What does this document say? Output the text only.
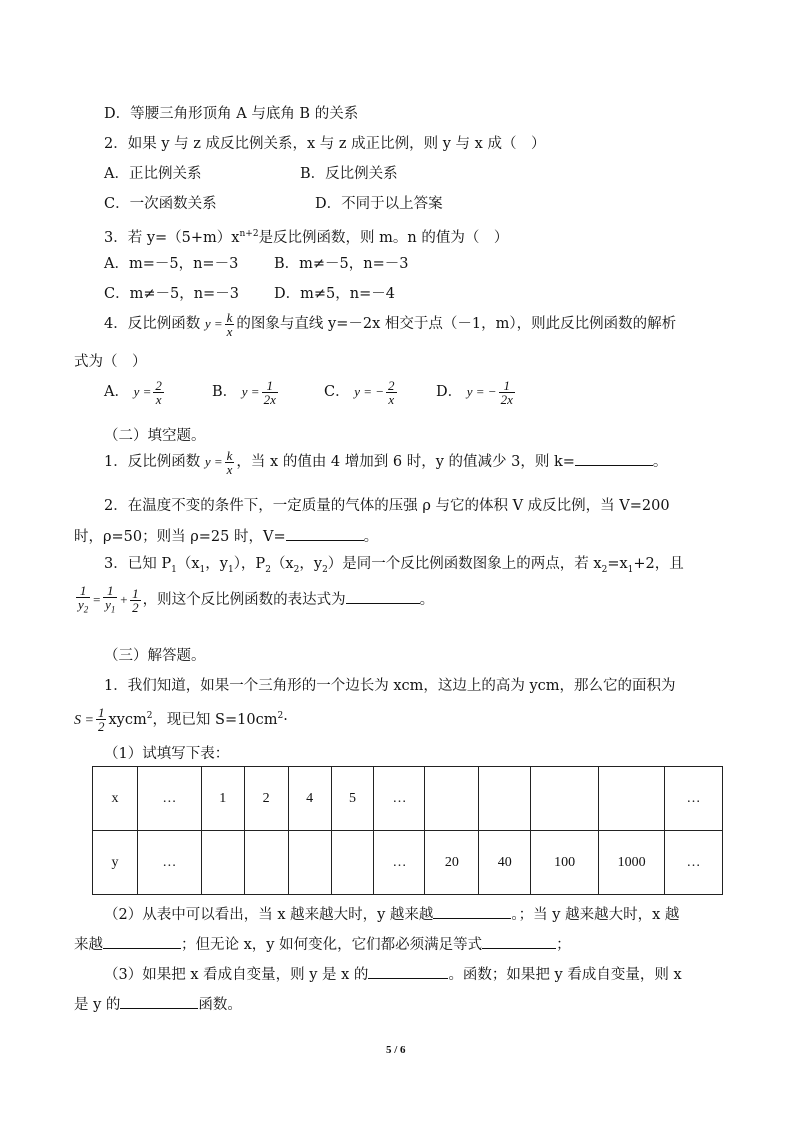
D．等腰三角形顶角 A 与底角 B 的关系
2．如果 y 与 z 成反比例关系，x 与 z 成正比例，则 y 与 x 成（　）
A．正比例关系	B．反比例关系
C．一次函数关系	D．不同于以上答案
3．若 $y=(5+m)x^{n+2}$是反比例函数，则 m。n 的值为（　）
A．m=－5，n=－3 B．m≠－5，n=－3
C．m≠－5，n=－3 D．m≠5，n=－4
4．反比例函数 $y = \frac{k}{x}$ 的图象与直线 y=－2x 相交于点（－1，m），则此反比例函数的解析
式为（　）
A． $y = \frac{2}{x}$	B． $y = \frac{1}{2x}$	C． y = − $\frac{2}{x}$	D． y = − $\frac{1}{2x}$
（二）填空题。
1．反比例函数 $y = \frac{k}{x}$ ，当 x 的值由 4 增加到 6 时，y 的值减少 3，则 k=	。
2．在温度不变的条件下，一定质量的气体的压强 ρ 与它的体积 V 成反比例，当 V=200
时，ρ=50；则当 ρ=25 时，V=	。
3．已知 $P_1(x_1$，$y_1$），$P_2(x_2$，$y_2$）是同一个反比例函数图象上的两点，若 $x_2=x_1+2$，且
$\frac{1}{y_2} = \frac{1}{y_1} + \frac{1}{2}$ ，则这个反比例函数的表达式为	。
（三）解答题。
1．我们知道，如果一个三角形的一个边长为 xcm，这边上的高为 ycm，那么它的面积为
$S = \frac{1}{2}$ xycm$^2$，现已知 $S=10cm^2\cdot$
（1）试填写下表：
x	…	1	2	4	5	…					…
y	…					…	20	40	100	1000	…
（2）从表中可以看出，当 x 越来越大时，y 越来越	。；当 y 越来越大时，x 越
来越	；但无论 x，y 如何变化，它们都必须满足等式	；
（3）如果把 x 看成自变量，则 y 是 x 的	。函数；如果把 y 看成自变量，则 x
是 y 的	函数。
5 / 6
